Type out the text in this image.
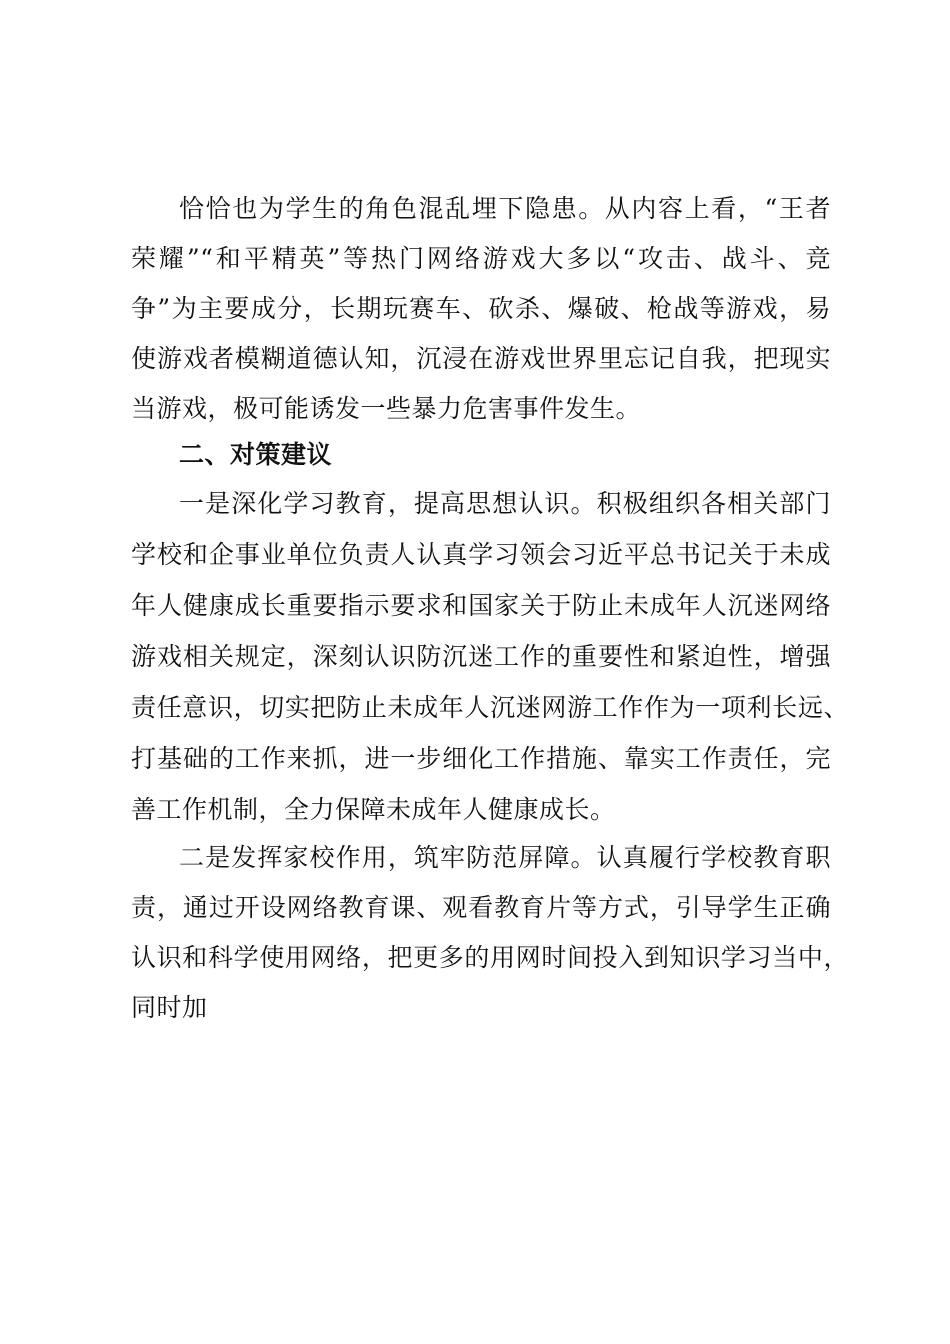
恰恰也为学生的角色混乱埋下隐患。从内容上看，“王者
荣耀”“和平精英”等热门网络游戏大多以“攻击、战斗、竞
争”为主要成分，长期玩赛车、砍杀、爆破、枪战等游戏，易
使游戏者模糊道德认知，沉浸在游戏世界里忘记自我，把现实
当游戏，极可能诱发一些暴力危害事件发生。
二、对策建议
一是深化学习教育，提高思想认识。积极组织各相关部门
学校和企事业单位负责人认真学习领会习近平总书记关于未成
年人健康成长重要指示要求和国家关于防止未成年人沉迷网络
游戏相关规定，深刻认识防沉迷工作的重要性和紧迫性，增强
责任意识，切实把防止未成年人沉迷网游工作作为一项利长远、
打基础的工作来抓，进一步细化工作措施、靠实工作责任，完
善工作机制，全力保障未成年人健康成长。
二是发挥家校作用，筑牢防范屏障。认真履行学校教育职
责，通过开设网络教育课、观看教育片等方式，引导学生正确
认识和科学使用网络，把更多的用网时间投入到知识学习当中，
同时加
